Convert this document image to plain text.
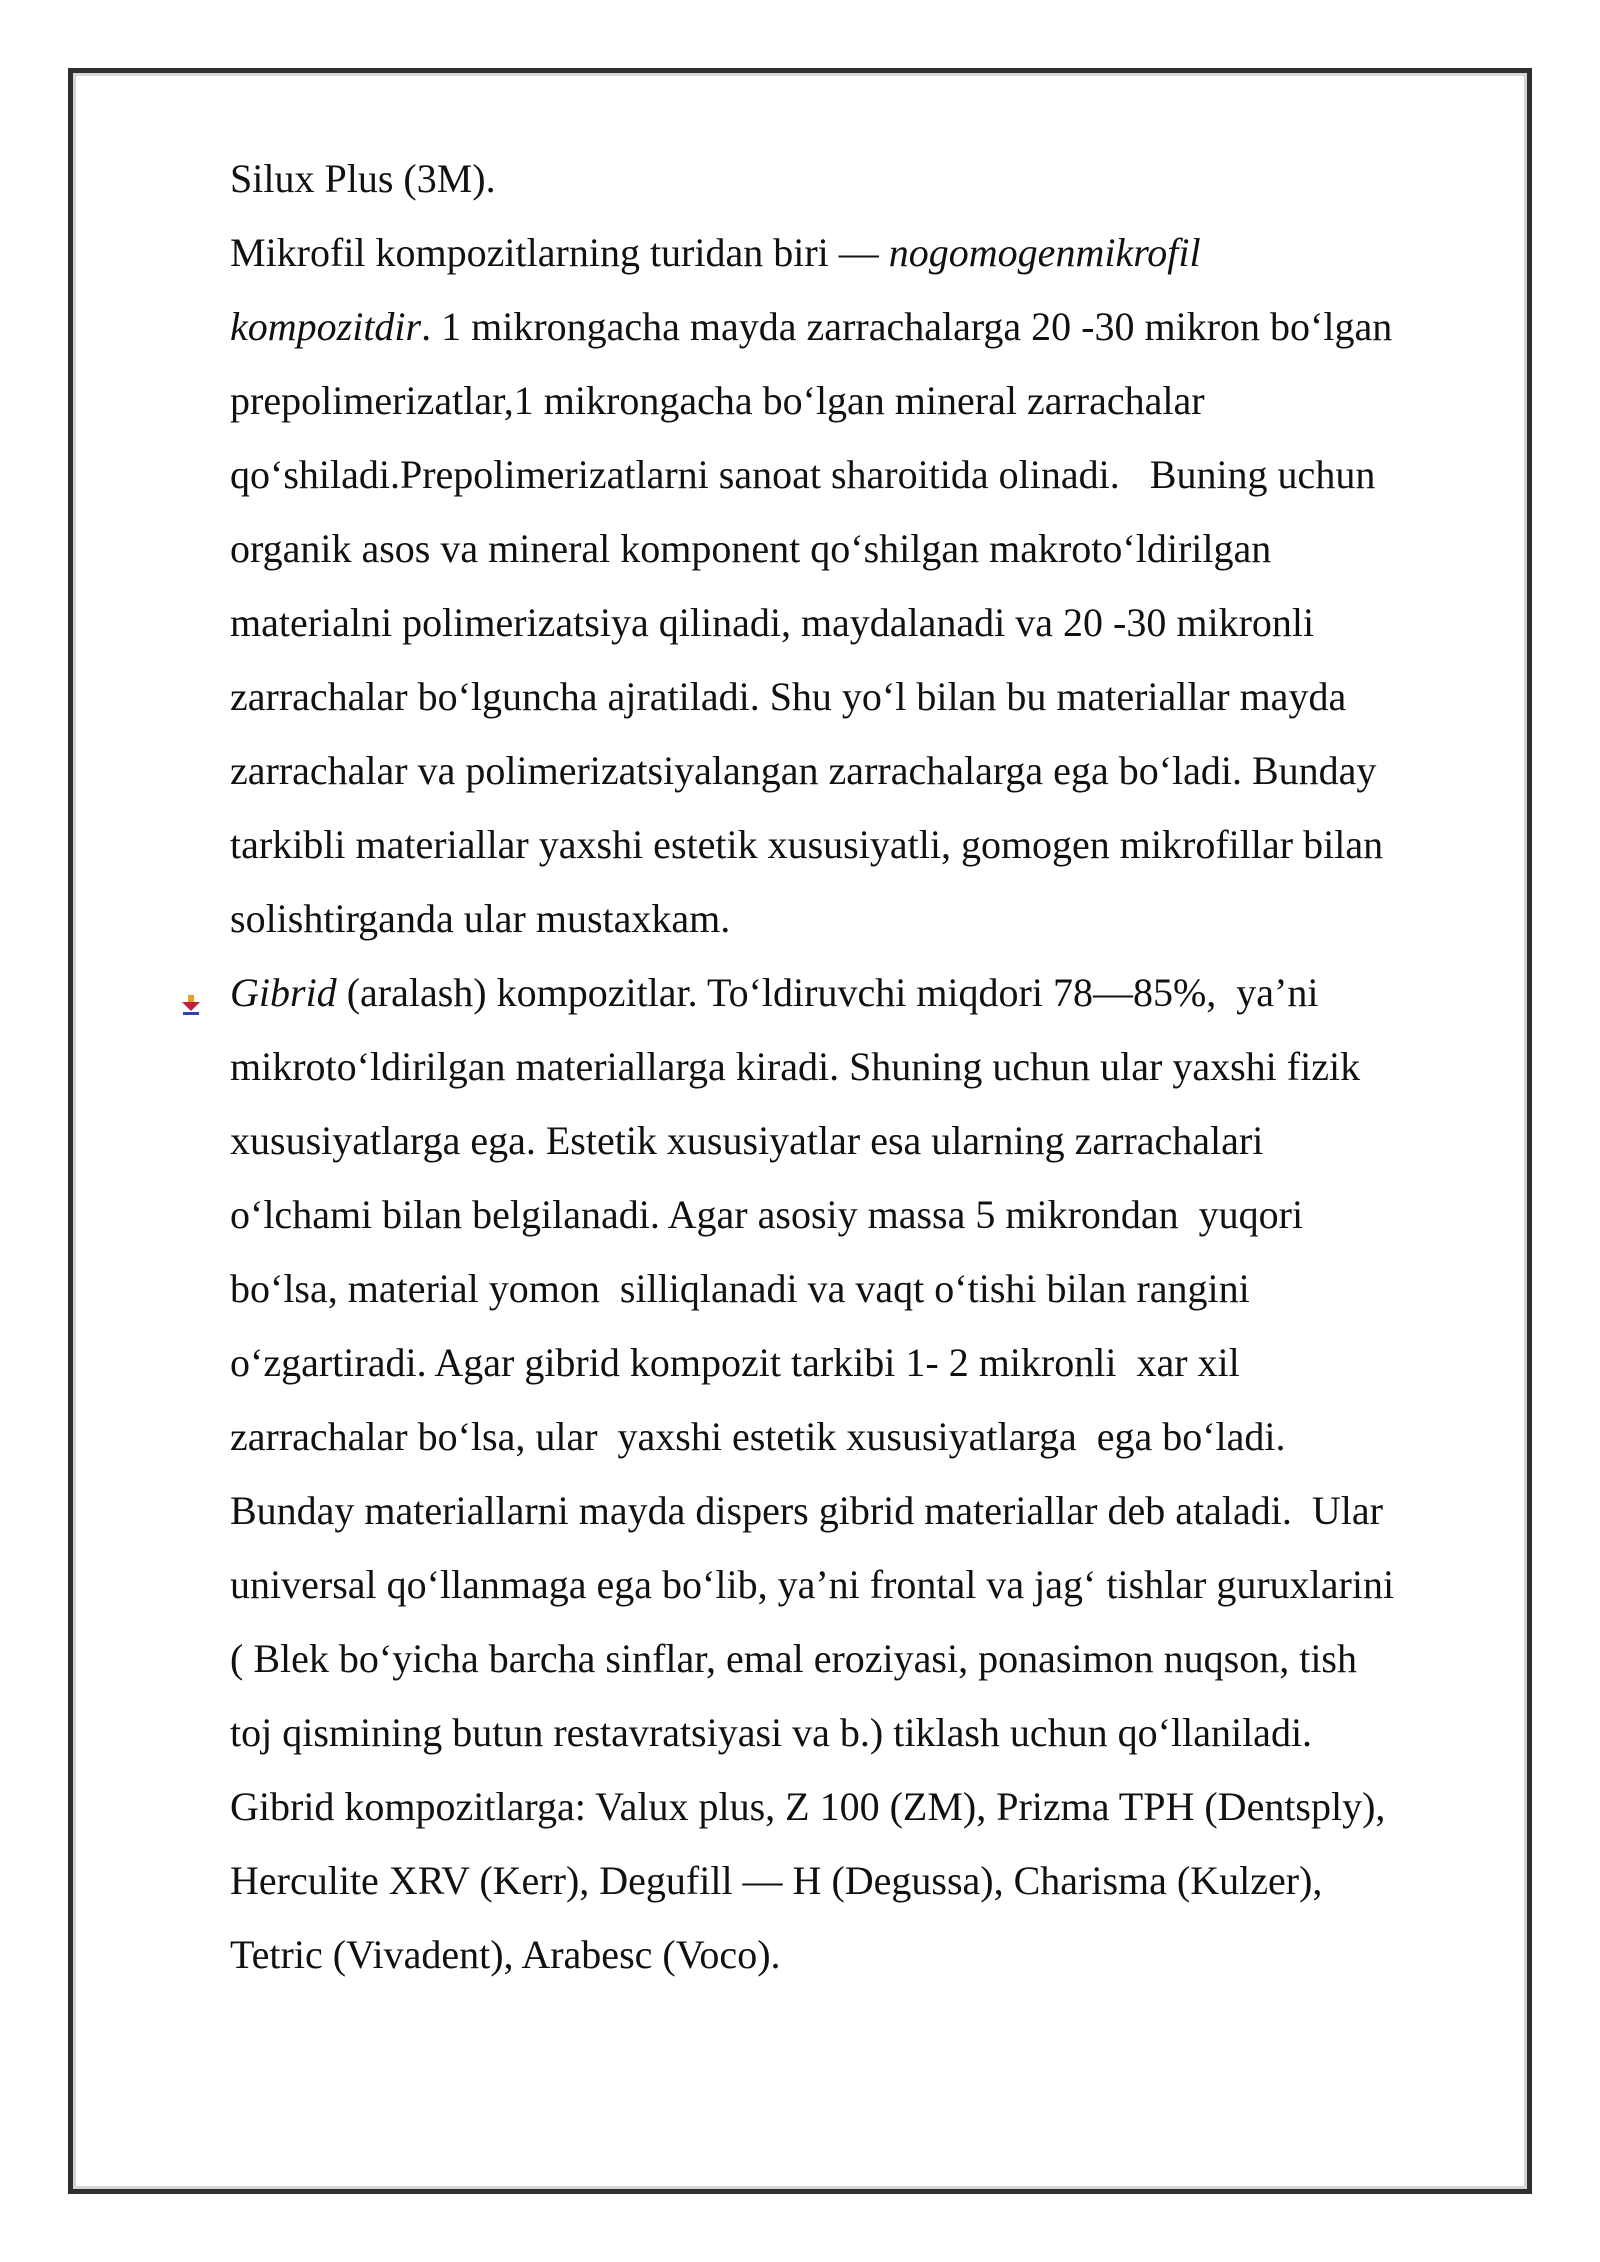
Silux Plus (3M).
Mikrofil kompozitlarning turidan biri — nogomogenmikrofil
kompozitdir. 1 mikrongacha mayda zarrachalarga 20 -30 mikron bo‘lgan
prepolimerizatlar,1 mikrongacha bo‘lgan mineral zarrachalar
qo‘shiladi.Prepolimerizatlarni sanoat sharoitida olinadi.   Buning uchun
organik asos va mineral komponent qo‘shilgan makroto‘ldirilgan
materialni polimerizatsiya qilinadi, maydalanadi va 20 -30 mikronli
zarrachalar bo‘lguncha ajratiladi. Shu yo‘l bilan bu materiallar mayda
zarrachalar va polimerizatsiyalangan zarrachalarga ega bo‘ladi. Bunday
tarkibli materiallar yaxshi estetik xususiyatli, gomogen mikrofillar bilan
solishtirganda ular mustaxkam.
Gibrid (aralash) kompozitlar. To‘ldiruvchi miqdori 78—85%,  ya’ni
mikroto‘ldirilgan materiallarga kiradi. Shuning uchun ular yaxshi fizik
xususiyatlarga ega. Estetik xususiyatlar esa ularning zarrachalari
o‘lchami bilan belgilanadi. Agar asosiy massa 5 mikrondan  yuqori
bo‘lsa, material yomon  silliqlanadi va vaqt o‘tishi bilan rangini
o‘zgartiradi. Agar gibrid kompozit tarkibi 1- 2 mikronli  xar xil
zarrachalar bo‘lsa, ular  yaxshi estetik xususiyatlarga  ega bo‘ladi.
Bunday materiallarni mayda dispers gibrid materiallar deb ataladi.  Ular
universal qo‘llanmaga ega bo‘lib, ya’ni frontal va jag‘ tishlar guruxlarini
( Blek bo‘yicha barcha sinflar, emal eroziyasi, ponasimon nuqson, tish
toj qismining butun restavratsiyasi va b.) tiklash uchun qo‘llaniladi.
Gibrid kompozitlarga: Valux plus, Z 100 (ZM), Prizma TPH (Dentsply),
Herculite XRV (Kerr), Degufill — H (Degussa), Charisma (Kulzer),
Tetric (Vivadent), Arabesc (Voco).
